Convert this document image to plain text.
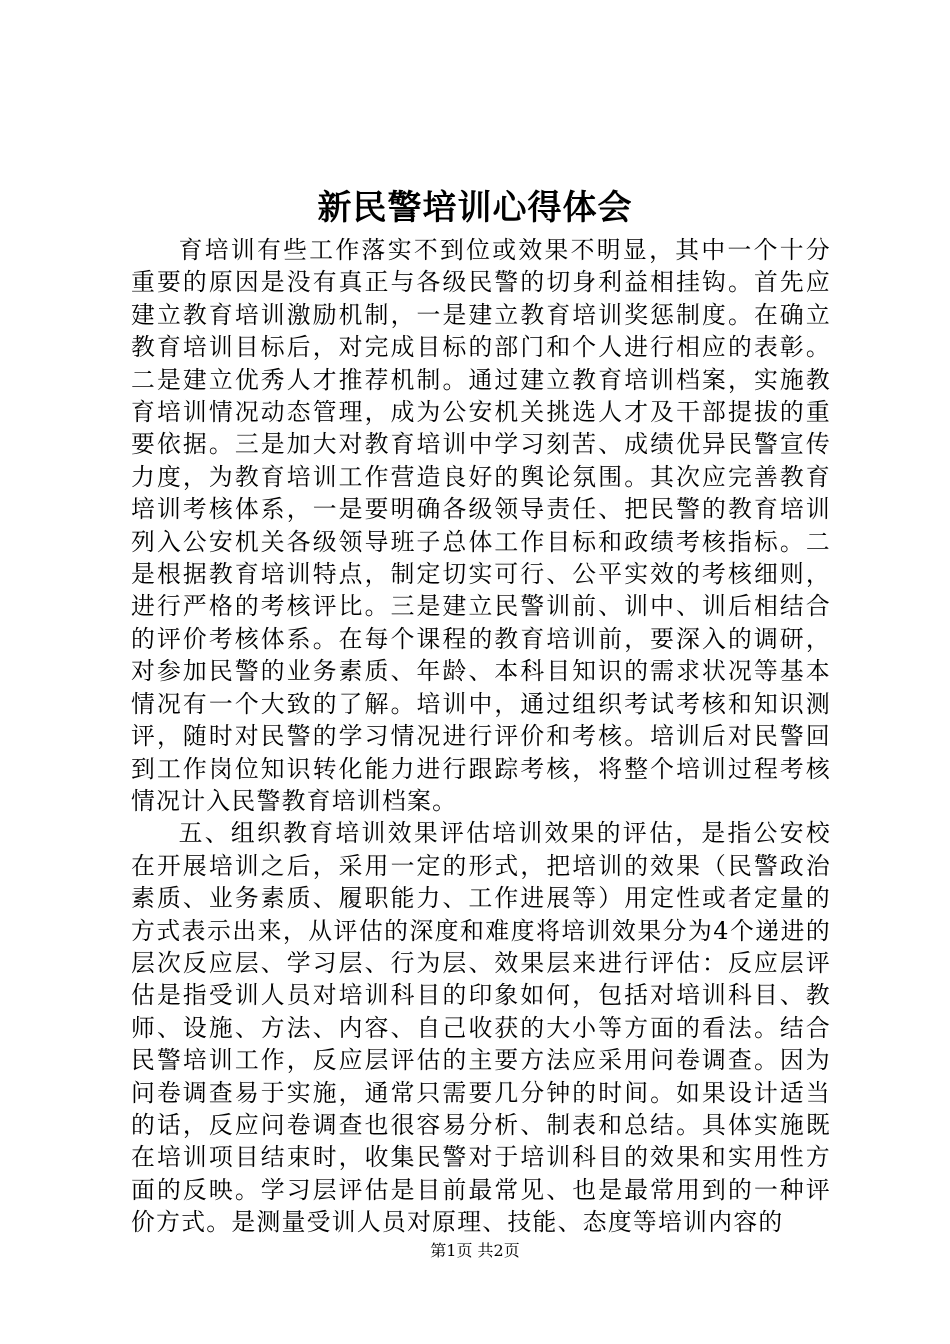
新民警培训心得体会

育培训有些工作落实不到位或效果不明显，其中一个十分重要的原因是没有真正与各级民警的切身利益相挂钩。首先应建立教育培训激励机制，一是建立教育培训奖惩制度。在确立教育培训目标后，对完成目标的部门和个人进行相应的表彰。二是建立优秀人才推荐机制。通过建立教育培训档案，实施教育培训情况动态管理，成为公安机关挑选人才及干部提拔的重要依据。三是加大对教育培训中学习刻苦、成绩优异民警宣传力度，为教育培训工作营造良好的舆论氛围。其次应完善教育培训考核体系，一是要明确各级领导责任、把民警的教育培训列入公安机关各级领导班子总体工作目标和政绩考核指标。二是根据教育培训特点，制定切实可行、公平实效的考核细则，进行严格的考核评比。三是建立民警训前、训中、训后相结合的评价考核体系。在每个课程的教育培训前，要深入的调研，对参加民警的业务素质、年龄、本科目知识的需求状况等基本情况有一个大致的了解。培训中，通过组织考试考核和知识测评，随时对民警的学习情况进行评价和考核。培训后对民警回到工作岗位知识转化能力进行跟踪考核，将整个培训过程考核情况计入民警教育培训档案。

五、组织教育培训效果评估培训效果的评估，是指公安校在开展培训之后，采用一定的形式，把培训的效果（民警政治素质、业务素质、履职能力、工作进展等）用定性或者定量的方式表示出来，从评估的深度和难度将培训效果分为4个递进的层次反应层、学习层、行为层、效果层来进行评估：反应层评估是指受训人员对培训科目的印象如何，包括对培训科目、教师、设施、方法、内容、自己收获的大小等方面的看法。结合民警培训工作，反应层评估的主要方法应采用问卷调查。因为问卷调查易于实施，通常只需要几分钟的时间。如果设计适当的话，反应问卷调查也很容易分析、制表和总结。具体实施既在培训项目结束时，收集民警对于培训科目的效果和实用性方面的反映。学习层评估是目前最常见、也是最常用到的一种评价方式。是测量受训人员对原理、技能、态度等培训内容的

第1页 共2页
